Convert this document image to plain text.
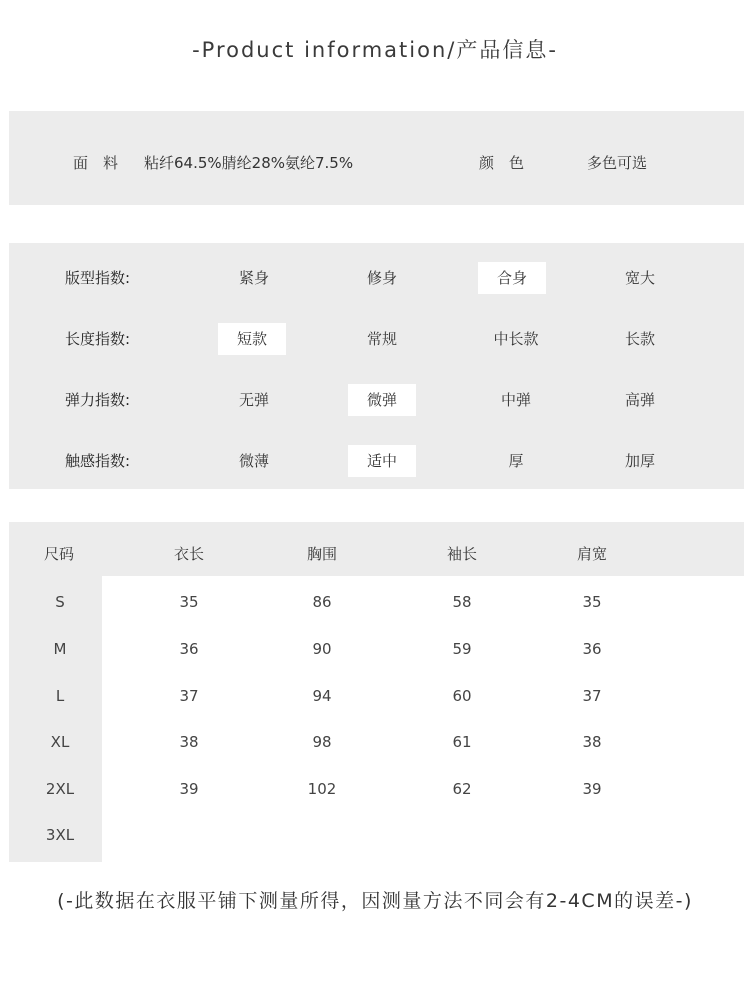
-Product information/产品信息-
面　料 粘纤64.5%腈纶28%氨纶7.5%	颜　色	多色可选
版型指数:	紧身	修身	合身	宽大
长度指数:	短款	常规	中长款	长款
弹力指数:	无弹	微弹	中弹	高弹
触感指数:	微薄	适中	厚	加厚
尺码	衣长	胸围	袖长	肩宽
S	35	86	58	35
M	36	90	59	36
L	37	94	60	37
XL	38	98	61	38
2XL	39	102	62	39
3XL
(-此数据在衣服平铺下测量所得，因测量方法不同会有2-4CM的误差-)
